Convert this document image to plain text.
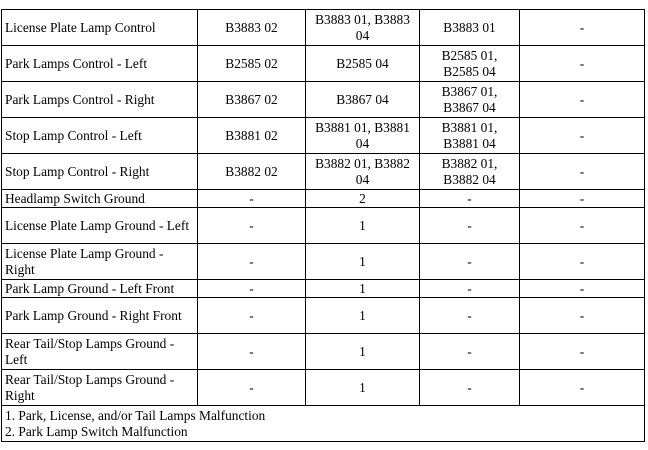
License Plate Lamp Control	B3883 02	B3883 01, B3883 04	B3883 01	-
Park Lamps Control - Left	B2585 02	B2585 04	B2585 01, B2585 04	-
Park Lamps Control - Right	B3867 02	B3867 04	B3867 01, B3867 04	-
Stop Lamp Control - Left	B3881 02	B3881 01, B3881 04	B3881 01, B3881 04	-
Stop Lamp Control - Right	B3882 02	B3882 01, B3882 04	B3882 01, B3882 04	-
Headlamp Switch Ground	-	2	-	-
License Plate Lamp Ground - Left	-	1	-	-
License Plate Lamp Ground - Right	-	1	-	-
Park Lamp Ground - Left Front	-	1	-	-
Park Lamp Ground - Right Front	-	1	-	-
Rear Tail/Stop Lamps Ground - Left	-	1	-	-
Rear Tail/Stop Lamps Ground - Right	-	1	-	-

1. Park, License, and/or Tail Lamps Malfunction
2. Park Lamp Switch Malfunction				
